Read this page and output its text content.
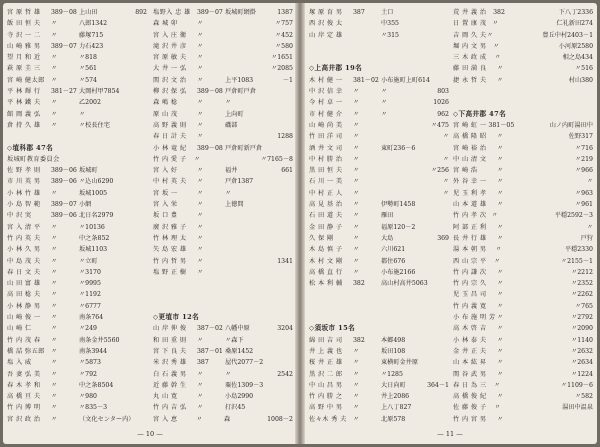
宮 原 哲 雄	389－08 上山田	892
飯 田 恒 夫	〃	八郎1342
寺 沢 一 二	〃	藤塚715
山 崎 雅 男	389－07 力石423
望 月 和 近	〃	〃818
萩 原 圭 三	〃	〃561
宮 崎 健太郎	〃	〃574
平 林 輝 行	381－27 大岡村甲7854
平 林 鐵 夫	〃	乙2002
館 岡 義 弘	〃	〃
倉 持 久 雄	〃	〃校長住宅
◇埴科郡 47名
坂城町教育委員会
佐 野 孝 則	389－06 坂城町
市 川 英 男	389－06 〃込山6290
小 林 竹 雄	〃	坂城1005
小 島 智 範	389－07 小網
中 沢 実	389－06 北日名2979
宮 入 清 平	〃	〃10136
竹 内 英 夫	〃	中之条852
小 林 久 男	〃	坂城1103
中 島 茂 夫	〃	〃立町
春 日 文 夫	〃	〃3170
山 田 富 雄	〃	〃9995
高 田 稔 夫	〃	〃1192
小 林 静 男	〃	〃6777
山 崎 俊 一	〃	南条764
山 崎 仁	〃	〃249
竹 内 茂 春	〃	南条金井5560
橋 詰 弥五郎	〃	南条3944
塩 入 威	〃	〃5873
吾 妻 弘 美	〃	〃792
春 木 孝 和	〃	中之条8504
高 橋 亘 夫	〃	〃980
竹 内 博 明	〃	〃835－3
宮 沢 政 治	〃	（文化センター内）
塩野入 忠 雄	389－07 坂城町網掛	1387
森 城 卯	〃	〃757
宮 入 庄 衛	〃	〃452
滝 沢 井 彦	〃	〃580
宮 原 敏 夫	〃	〃1651
大 井 一 弘	〃	〃2085
関 沢 文 治	〃	上平1083	－1
柳 沢 保 弘	389－08 戸倉町戸倉
森 嶋 稔	〃	〃
原 山 茂	〃	上向町
高 野 義 則	〃	磯部
春 日 計 夫	〃	1288
小 林 竜 紀	389－08 戸倉町新戸倉
竹 内 愛 子	〃	〃7165－8
宮 入 好	〃	福井	661
中 村 英 夫	〃	戸倉1387
宮 坂 一	〃	〃
宮 入 栄	〃	上徳間
坂 口 豊	〃
廣 沢 雅 子	〃
竹 林 理 太	〃
矢 島 宏 雄	〃
竹 内 哲 男	〃	1341
塩 野 正 樹	〃
◇更埴市 12名
山 岸 伸 俊	387－02 八幡中原	3204
和 田 重 則	〃	〃森下
宮 下 良 夫	387－01 桑原1452
米 沢 秀 雄	387	屋代2077－2
白 石 義 男	〃	〃	2542
近 藤 幹 生	〃	粟佐1309－3
丸 山 寛	〃	小島2990
竹 内 吉 弘	〃	打沢45
宮 入 恵	〃	森	1008－2
— 10 —
塚 原 育 男	387	土口
西 沢 俊 太	中355
山 岸 定 雄	〃315
◇上高井郡 19名
木 村 健 一	381－02 小布施町上町614
中 沢 信 幸	〃	〃	803
今 村 卓 一	〃	〃	1026
市 村 健 介	〃	〃	962
山 崎 尚 美	〃	〃475
竹 田 洋 司	〃	〃
酒 井 文 司	〃	東町236－6
中 村 勝 治	〃	〃
黒 田 恒 夫	〃	〃256
石 川 一 美	〃	〃
中 村 正 人	〃	〃
高 見 基 治	〃	伊勢町1458
石 田 道 夫	〃	雁田
金 田 静 子	〃	福原120－2
久 保 剛	〃	大島	369
木 島 慎 子	〃	六川621
木 村 文 剛	〃	都住676
高 橋 直 行	〃	小布施2166
松 本 利 輔	382	高山村高井5063
◇須坂市 15名
綿 田 吉 司	382	本郷498
井 上 義 也	〃	坂田108
桜 井 正 雄	〃	東横町金井原
黒 沢 二 郎	〃	〃1285
中 山 昌 男	〃	大日向町	364－1
竹 内 勝 之	〃	井上2086
高 野 中 男	〃	上八丁827
佐々木 秀 夫	〃	北原578
荒 井 義 治	382	下八丁2336
日 置 康 茂 〃	仁礼新田274
吉 岡 久 夫 〃	豊丘中村2403－1
堀 内 文 男	〃	小河原2580
三 木 政 成	〃	相之島434
藤 田 満 良	〃	〃516
捷 永 哲 夫	〃	村山380
◇下高井郡 47名
宮 崎 虹 一 381－05	山ノ内町湯田中
高 橋 隆 昭	〃	佐野317
宮 崎 裕 治	〃	〃716
中 山 清 文	〃	〃219
宮 崎 浩	〃	〃966
外 谷 幸 一	〃	〃
児 玉 利 孝	〃	〃963
山 本 道 雄	〃	〃961
竹 内 孝 次 〃	平穏2592－3
阿 部 正 利	〃	〃
長 井 行 雄	〃	戸狩
湯 本 朝 男	〃	平穏2330
西 山 宗 平	〃	〃2155－1
竹 内 謙 次	〃	〃2212
竹 内 宗 久	〃	〃2352
児 玉 昌 司	〃	〃2262
竹 内 義 寛	〃	〃765
小 布 施 明 芳 〃	〃2792
高 木 啓 吉	〃	〃2090
小 林 泰 夫	〃	〃1140
金 井 正 夫	〃	〃2632
山 本 紘 昇	〃	〃2634
関 谷 武 男	〃	〃1224
春 日 為 三	〃	〃1109－6
高 橋 俊 紀	〃	〃582
佐 藤 俊 子	〃	湯田中温泉
竹 内 宮 男	〃
— 11 —
